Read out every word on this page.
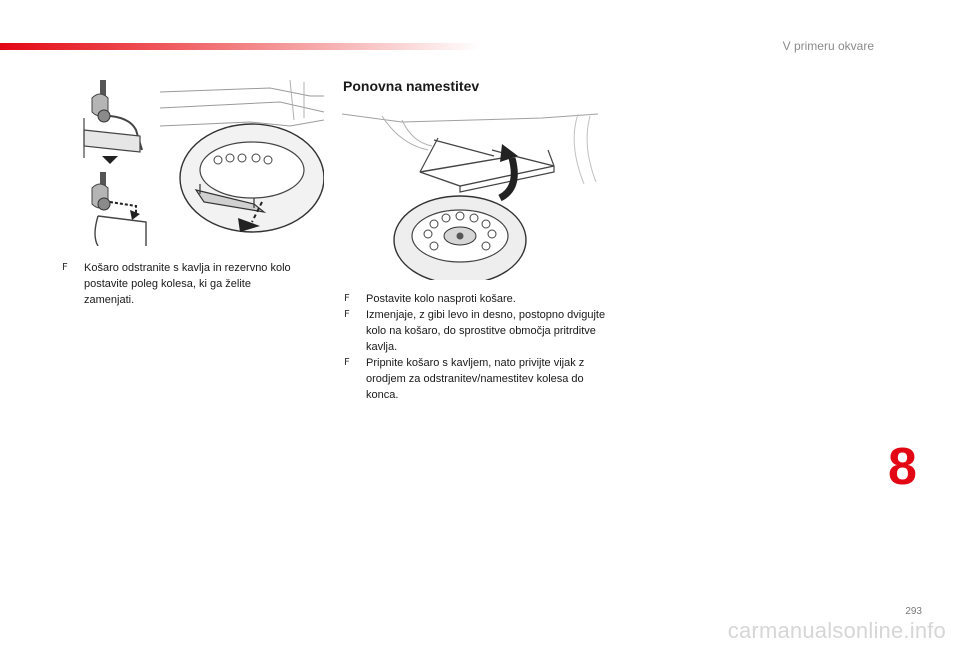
V primeru okvare
Ponovna namestitev
F	Košaro odstranite s kavlja in rezervno kolo postavite poleg kolesa, ki ga želite zamenjati.	F	Postavite kolo nasproti košare.
F	Izmenjaje, z gibi levo in desno, postopno dvigujte kolo na košaro, do sprostitve območja pritrditve kavlja.
F	Pripnite košaro s kavljem, nato privijte vijak z orodjem za odstranitev/namestitev kolesa do konca.
8
293
carmanualsonline.info
